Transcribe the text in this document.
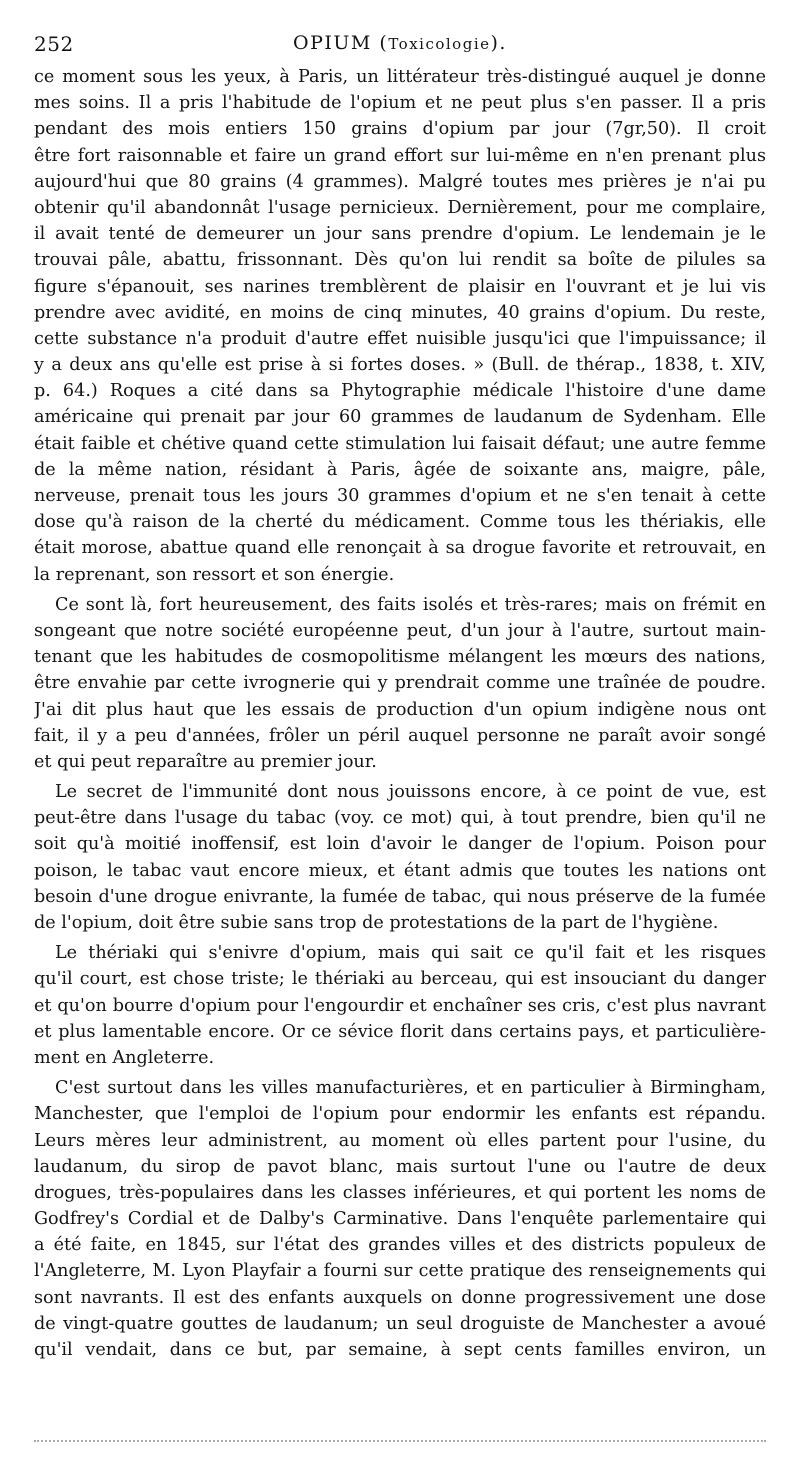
252	OPIUM (Toxicologie).
ce moment sous les yeux, à Paris, un littérateur très-distingué auquel je donne
mes soins. Il a pris l'habitude de l'opium et ne peut plus s'en passer. Il a pris
pendant des mois entiers 150 grains d'opium par jour (7gr,50). Il croit
être fort raisonnable et faire un grand effort sur lui-même en n'en prenant plus
aujourd'hui que 80 grains (4 grammes). Malgré toutes mes prières je n'ai pu
obtenir qu'il abandonnât l'usage pernicieux. Dernièrement, pour me complaire,
il avait tenté de demeurer un jour sans prendre d'opium. Le lendemain je le
trouvai pâle, abattu, frissonnant. Dès qu'on lui rendit sa boîte de pilules sa
figure s'épanouit, ses narines tremblèrent de plaisir en l'ouvrant et je lui vis
prendre avec avidité, en moins de cinq minutes, 40 grains d'opium. Du reste,
cette substance n'a produit d'autre effet nuisible jusqu'ici que l'impuissance; il
y a deux ans qu'elle est prise à si fortes doses. » (Bull. de thérap., 1838, t. XIV,
p. 64.) Roques a cité dans sa Phytographie médicale l'histoire d'une dame
américaine qui prenait par jour 60 grammes de laudanum de Sydenham. Elle
était faible et chétive quand cette stimulation lui faisait défaut; une autre femme
de la même nation, résidant à Paris, âgée de soixante ans, maigre, pâle,
nerveuse, prenait tous les jours 30 grammes d'opium et ne s'en tenait à cette
dose qu'à raison de la cherté du médicament. Comme tous les thériakis, elle
était morose, abattue quand elle renonçait à sa drogue favorite et retrouvait, en
la reprenant, son ressort et son énergie.
Ce sont là, fort heureusement, des faits isolés et très-rares; mais on frémit en
songeant que notre société européenne peut, d'un jour à l'autre, surtout main-
tenant que les habitudes de cosmopolitisme mélangent les mœurs des nations,
être envahie par cette ivrognerie qui y prendrait comme une traînée de poudre.
J'ai dit plus haut que les essais de production d'un opium indigène nous ont
fait, il y a peu d'années, frôler un péril auquel personne ne paraît avoir songé
et qui peut reparaître au premier jour.
Le secret de l'immunité dont nous jouissons encore, à ce point de vue, est
peut-être dans l'usage du tabac (voy. ce mot) qui, à tout prendre, bien qu'il ne
soit qu'à moitié inoffensif, est loin d'avoir le danger de l'opium. Poison pour
poison, le tabac vaut encore mieux, et étant admis que toutes les nations ont
besoin d'une drogue enivrante, la fumée de tabac, qui nous préserve de la fumée
de l'opium, doit être subie sans trop de protestations de la part de l'hygiène.
Le thériaki qui s'enivre d'opium, mais qui sait ce qu'il fait et les risques
qu'il court, est chose triste; le thériaki au berceau, qui est insouciant du danger
et qu'on bourre d'opium pour l'engourdir et enchaîner ses cris, c'est plus navrant
et plus lamentable encore. Or ce sévice florit dans certains pays, et particulière-
ment en Angleterre.
C'est surtout dans les villes manufacturières, et en particulier à Birmingham,
Manchester, que l'emploi de l'opium pour endormir les enfants est répandu.
Leurs mères leur administrent, au moment où elles partent pour l'usine, du
laudanum, du sirop de pavot blanc, mais surtout l'une ou l'autre de deux
drogues, très-populaires dans les classes inférieures, et qui portent les noms de
Godfrey's Cordial et de Dalby's Carminative. Dans l'enquête parlementaire qui
a été faite, en 1845, sur l'état des grandes villes et des districts populeux de
l'Angleterre, M. Lyon Playfair a fourni sur cette pratique des renseignements qui
sont navrants. Il est des enfants auxquels on donne progressivement une dose
de vingt-quatre gouttes de laudanum; un seul droguiste de Manchester a avoué
qu'il vendait, dans ce but, par semaine, à sept cents familles environ, un
